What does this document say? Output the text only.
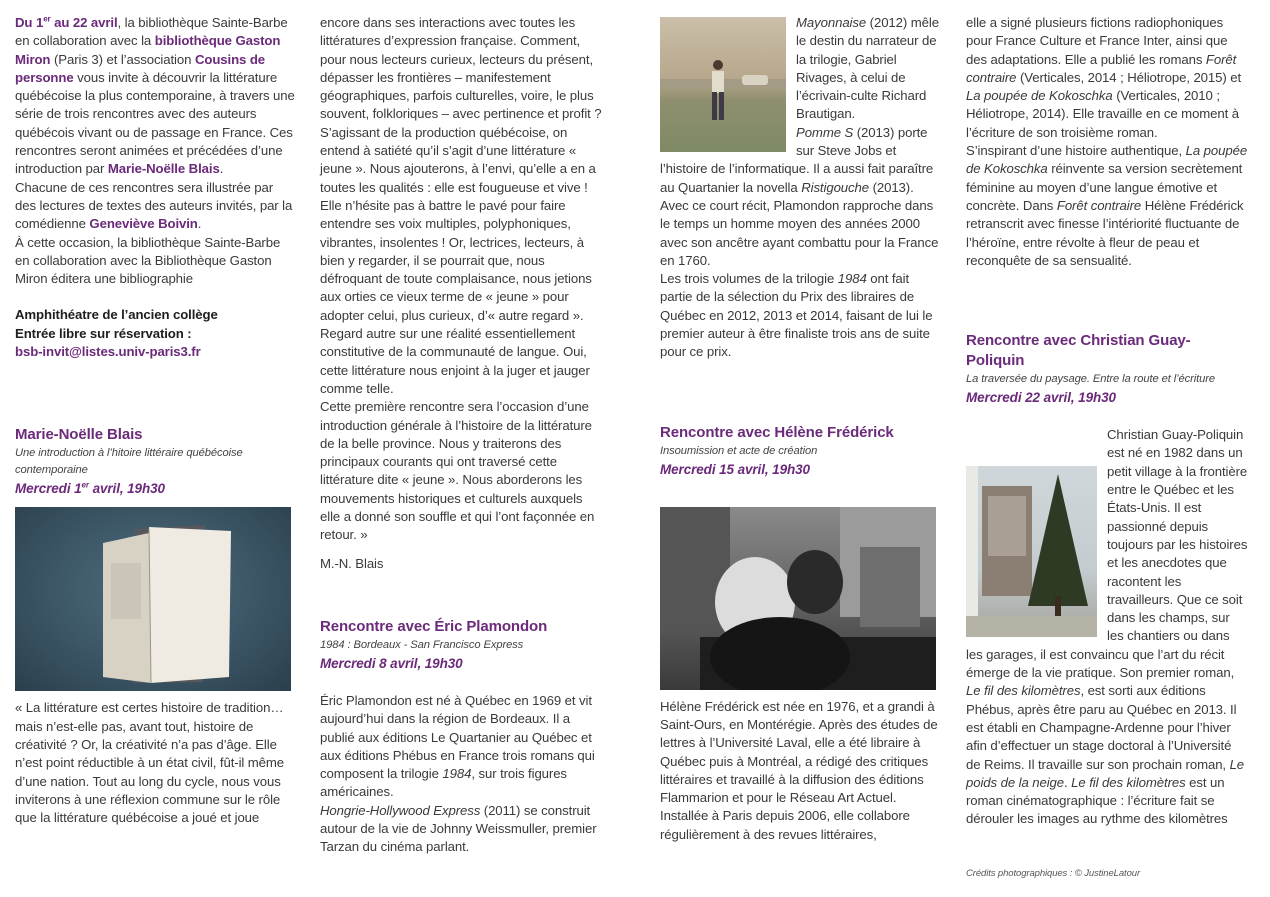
Du 1er au 22 avril, la bibliothèque Sainte-Barbe en collaboration avec la bibliothèque Gaston Miron (Paris 3) et l’association Cousins de personne vous invite à découvrir la littérature québécoise la plus contemporaine, à travers une série de trois rencontres avec des auteurs québécois vivant ou de passage en France. Ces rencontres seront animées et précédées d’une introduction par Marie-Noëlle Blais.

Chacune de ces rencontres sera illustrée par des lectures de textes des auteurs invités, par la comédienne Geneviève Boivin.

À cette occasion, la bibliothèque Sainte-Barbe en collaboration avec la Bibliothèque Gaston Miron éditera une bibliographie

Amphithéatre de l’ancien collège

Entrée libre sur réservation :

bsb-invit@listes.univ-paris3.fr

Marie-Noëlle Blais

Une introduction à l’hitoire littéraire québécoise contemporaine

Mercredi 1er avril, 19h30

« La littérature est certes histoire de tradition… mais n’est-elle pas, avant tout, histoire de créativité ? Or, la créativité n’a pas d’âge. Elle n’est point réductible à un état civil, fût-il même d’une nation. Tout au long du cycle, nous vous inviterons à une réflexion commune sur le rôle que la littérature québécoise a joué et joue

encore dans ses interactions avec toutes les littératures d’expression française. Comment, pour nous lecteurs curieux, lecteurs du présent, dépasser les frontières – manifestement géographiques, parfois culturelles, voire, le plus souvent, folkloriques – avec pertinence et profit ? S’agissant de la production québécoise, on entend à satiété qu’il s’agit d’une littérature « jeune ». Nous ajouterons, à l’envi, qu’elle a en a toutes les qualités : elle est fougueuse et vive ! Elle n’hésite pas à battre le pavé pour faire entendre ses voix multiples, polyphoniques, vibrantes, insolentes ! Or, lectrices, lecteurs, à bien y regarder, il se pourrait que, nous défroquant de toute complaisance, nous jetions aux orties ce vieux terme de « jeune » pour adopter celui, plus curieux, d’« autre regard ». Regard autre sur une réalité essentiellement constitutive de la communauté de langue. Oui, cette littérature nous enjoint à la juger et jauger comme telle.

Cette première rencontre sera l’occasion d’une introduction générale à l’histoire de la littérature de la belle province. Nous y traiterons des principaux courants qui ont traversé cette littérature dite « jeune ». Nous aborderons les mouvements historiques et culturels auxquels elle a donné son souffle et qui l’ont façonnée en retour. »

M.-N. Blais

Rencontre avec Éric Plamondon

1984 : Bordeaux - San Francisco Express

Mercredi 8 avril, 19h30

Éric Plamondon est né à Québec en 1969 et vit aujourd’hui dans la région de Bordeaux. Il a publié aux éditions Le Quartanier au Québec et aux éditions Phébus en France trois romans qui composent la trilogie 1984, sur trois figures américaines.

Hongrie-Hollywood Express (2011) se construit autour de la vie de Johnny Weissmuller, premier Tarzan du cinéma parlant.

Mayonnaise (2012) mêle le destin du narrateur de la trilogie, Gabriel Rivages, à celui de l’écrivain-culte Richard Brautigan.

Pomme S (2013) porte sur Steve Jobs et l’histoire de l’informatique. Il a aussi fait paraître au Quartanier la novella Ristigouche (2013). Avec ce court récit, Plamondon rapproche dans le temps un homme moyen des années 2000 avec son ancêtre ayant combattu pour la France en 1760.

Les trois volumes de la trilogie 1984 ont fait partie de la sélection du Prix des libraires de Québec en 2012, 2013 et 2014, faisant de lui le premier auteur à être finaliste trois ans de suite pour ce prix.

Rencontre avec Hélène Frédérick

Insoumission et acte de création

Mercredi 15 avril, 19h30

Hélène Frédérick est née en 1976, et a grandi à Saint-Ours, en Montérégie. Après des études de lettres à l’Université Laval, elle a été libraire à Québec puis à Montréal, a rédigé des critiques littéraires et travaillé à la diffusion des éditions Flammarion et pour le Réseau Art Actuel. Installée à Paris depuis 2006, elle collabore régulièrement à des revues littéraires,

elle a signé plusieurs fictions radiophoniques pour France Culture et France Inter, ainsi que des adaptations. Elle a publié les romans Forêt contraire (Verticales, 2014 ; Héliotrope, 2015) et La poupée de Kokoschka (Verticales, 2010 ; Héliotrope, 2014). Elle travaille en ce moment à l’écriture de son troisième roman.

S’inspirant d’une histoire authentique, La poupée de Kokoschka réinvente sa version secrètement féminine au moyen d’une langue émotive et concrète. Dans Forêt contraire Hélène Frédérick retranscrit avec finesse l’intériorité fluctuante de l’héroïne, entre révolte à fleur de peau et reconquête de sa sensualité.

Rencontre avec Christian Guay-Poliquin

La traversée du paysage. Entre la route et l’écriture

Mercredi 22 avril, 19h30

Christian Guay-Poliquin est né en 1982 dans un petit village à la frontière entre le Québec et les États-Unis. Il est passionné depuis toujours par les histoires et les anecdotes que racontent les travailleurs. Que ce soit dans les champs, sur les chantiers ou dans les garages, il est convaincu que l’art du récit émerge de la vie pratique. Son premier roman, Le fil des kilomètres, est sorti aux éditions Phébus, après être paru au Québec en 2013. Il est établi en Champagne-Ardenne pour l’hiver afin d’effectuer un stage doctoral à l’Université de Reims. Il travaille sur son prochain roman, Le poids de la neige. Le fil des kilomètres est un roman cinématographique : l’écriture fait se dérouler les images au rythme des kilomètres

Crédits photographiques : © JustineLatour
